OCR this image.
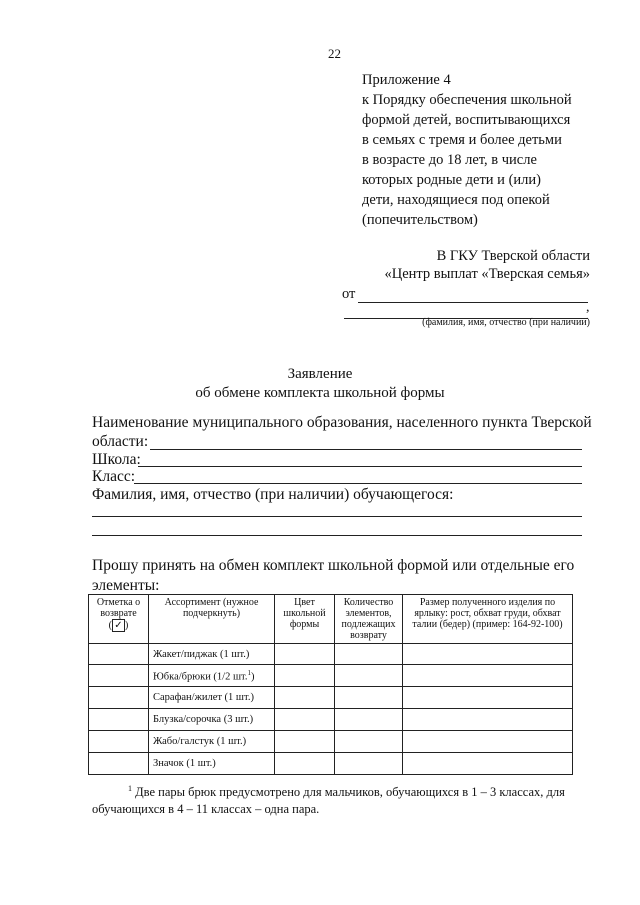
22
Приложение 4
к Порядку обеспечения школьной
формой детей, воспитывающихся
в семьях с тремя и более детьми
в возрасте до 18 лет, в числе
которых родные дети и (или)
дети, находящиеся под опекой
(попечительством)
В ГКУ Тверской области
«Центр выплат «Тверская семья»
от
,
(фамилия, имя, отчество (при наличии)
Заявление
об обмене комплекта школьной формы
Наименование муниципального образования, населенного пункта Тверской
области:
Школа:
Класс:
Фамилия, имя, отчество (при наличии) обучающегося:
Прошу принять на обмен комплект школьной формой или отдельные его
элементы:
Отметка о
возврате
( ✓ )	Ассортимент (нужное подчеркнуть)	Цвет школьной формы	Количество элементов, подлежащих возврату	Размер полученного изделия по ярлыку: рост, обхват груди, обхват талии (бедер) (пример: 164-92-100)
	Жакет/пиджак (1 шт.)			
	Юбка/брюки (1/2 шт.$^1$)			
	Сарафан/жилет (1 шт.)			
	Блузка/сорочка (3 шт.)			
	Жабо/галстук (1 шт.)			
	Значок (1 шт.)			
$^1$ Две пары брюк предусмотрено для мальчиков, обучающихся в 1 – 3 классах, для
обучающихся в 4 – 11 классах – одна пара.
